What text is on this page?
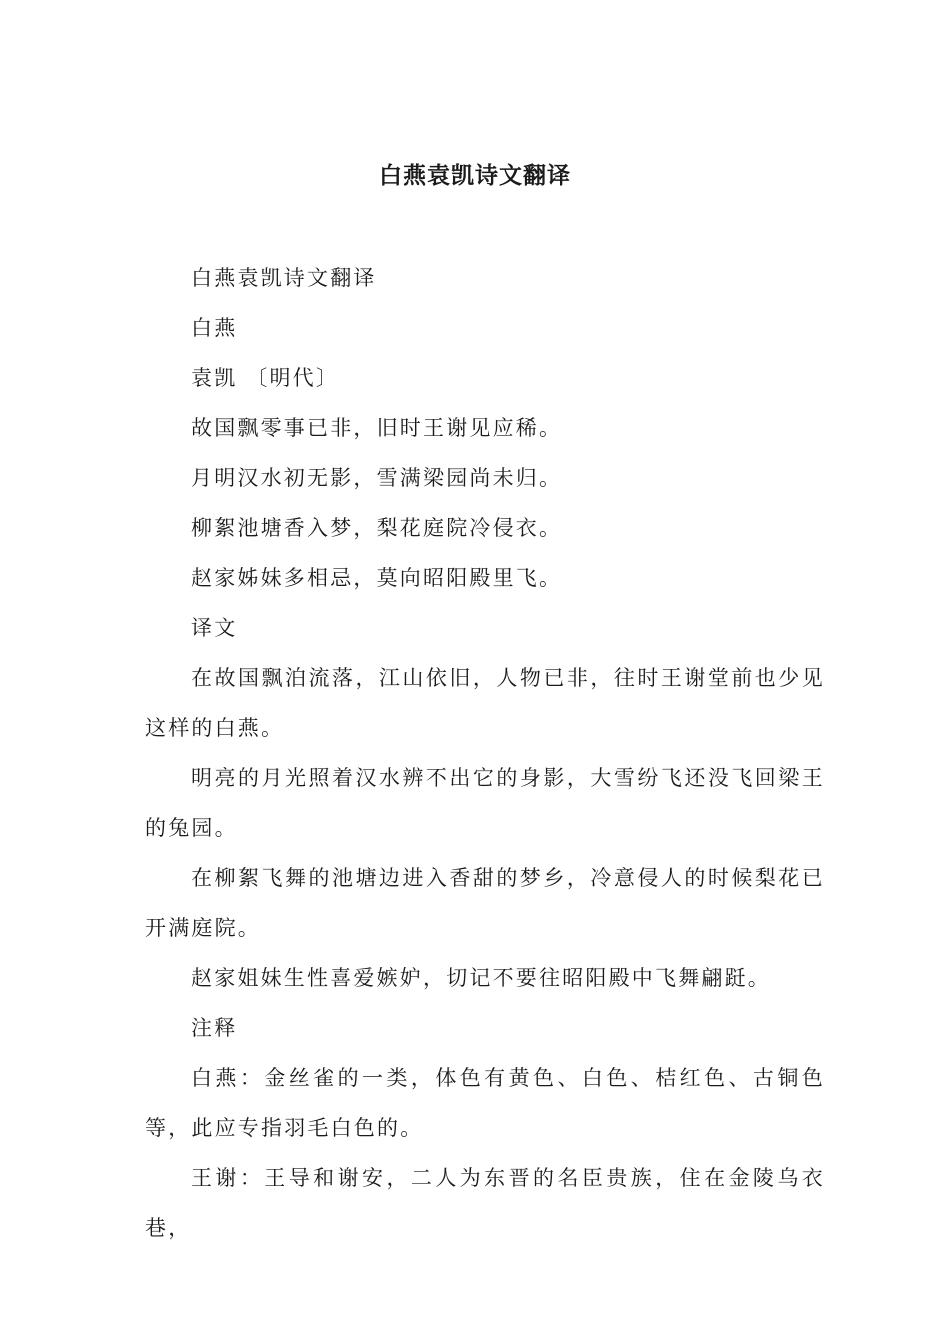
白燕袁凯诗文翻译

白燕袁凯诗文翻译

白燕

袁凯 〔明代〕

故国飘零事已非，旧时王谢见应稀。

月明汉水初无影，雪满梁园尚未归。

柳絮池塘香入梦，梨花庭院冷侵衣。

赵家姊妹多相忌，莫向昭阳殿里飞。

译文

在故国飘泊流落，江山依旧，人物已非，往时王谢堂前也少见这样的白燕。

明亮的月光照着汉水辨不出它的身影，大雪纷飞还没飞回梁王的兔园。

在柳絮飞舞的池塘边进入香甜的梦乡，冷意侵人的时候梨花已开满庭院。

赵家姐妹生性喜爱嫉妒，切记不要往昭阳殿中飞舞翩跹。

注释

白燕：金丝雀的一类，体色有黄色、白色、桔红色、古铜色等，此应专指羽毛白色的。

王谢：王导和谢安，二人为东晋的名臣贵族，住在金陵乌衣巷，
